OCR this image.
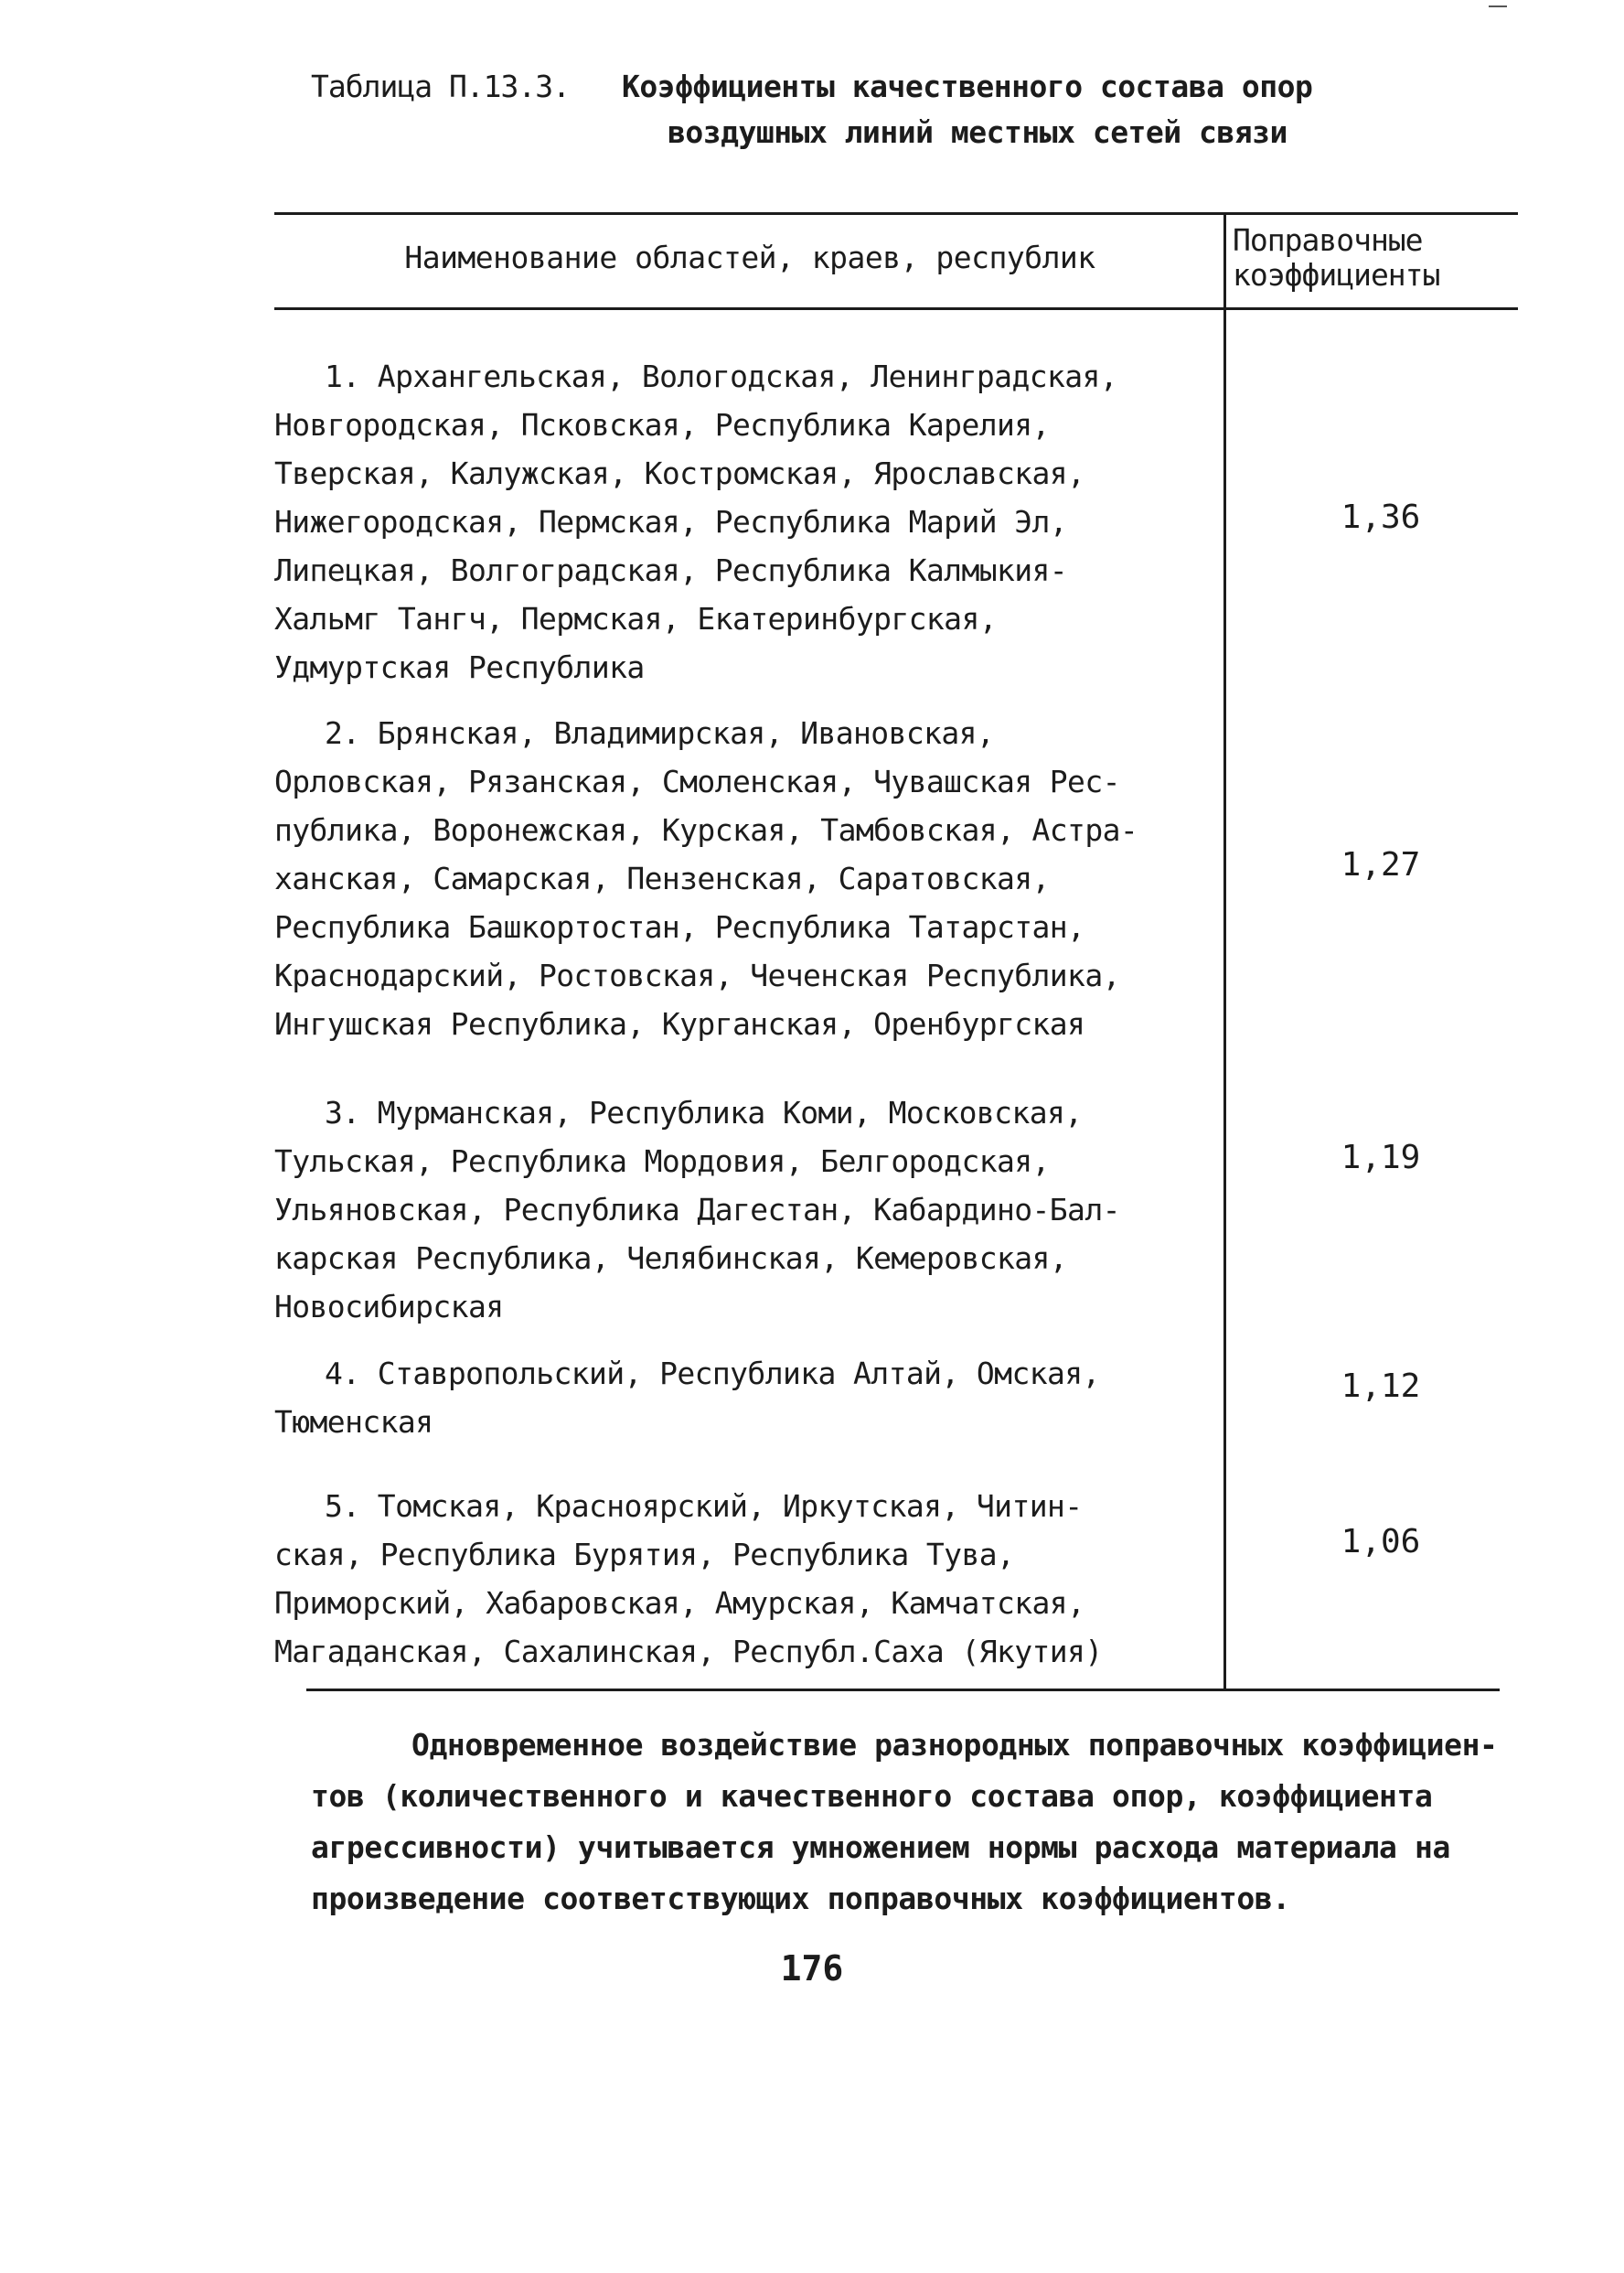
Таблица П.13.3. Коэффициенты качественного состава опор
воздушных линий местных сетей связи
Наименование областей, краев, республик	Поправочные
коэффициенты
1. Архангельская, Вологодская, Ленинградская,
Новгородская, Псковская, Республика Карелия,
Тверская, Калужская, Костромская, Ярославская,
Нижегородская, Пермская, Республика Марий Эл,
Липецкая, Волгоградская, Республика Калмыкия-
Хальмг Тангч, Пермская, Екатеринбургская,
Удмуртская Республика
1,36
2. Брянская, Владимирская, Ивановская,
Орловская, Рязанская, Смоленская, Чувашская Рес-
публика, Воронежская, Курская, Тамбовская, Астра-
ханская, Самарская, Пензенская, Саратовская,
Республика Башкортостан, Республика Татарстан,
Краснодарский, Ростовская, Чеченская Республика,
Ингушская Республика, Курганская, Оренбургская
1,27
3. Мурманская, Республика Коми, Московская,
Тульская, Республика Мордовия, Белгородская,
Ульяновская, Республика Дагестан, Кабардино-Бал-
карская Республика, Челябинская, Кемеровская,
Новосибирская
1,19
4. Ставропольский, Республика Алтай, Омская,
Тюменская
1,12
5. Томская, Красноярский, Иркутская, Читин-
ская, Республика Бурятия, Республика Тува,
Приморский, Хабаровская, Амурская, Камчатская,
Магаданская, Сахалинская, Республ.Саха (Якутия)
1,06
Одновременное воздействие разнородных поправочных коэффициен-
тов (количественного и качественного состава опор, коэффициента
агрессивности) учитывается умножением нормы расхода материала на
произведение соответствующих поправочных коэффициентов.
176
